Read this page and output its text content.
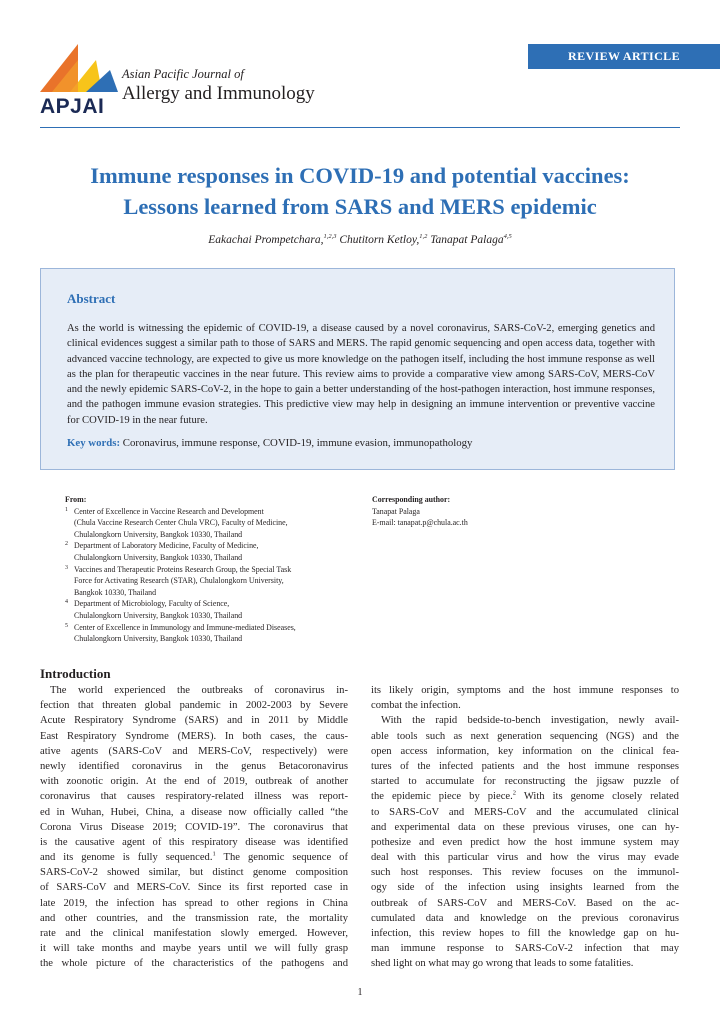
REVIEW ARTICLE
APJAI
Asian Pacific Journal of
Allergy and Immunology
Immune responses in COVID-19 and potential vaccines:
Lessons learned from SARS and MERS epidemic
Eakachai Prompetchara,$^{1,2,3}$ Chutitorn Ketloy,$^{1,2}$ Tanapat Palaga$^{4,5}$
Abstract
As the world is witnessing the epidemic of COVID-19, a disease caused by a novel coronavirus, SARS-CoV-2, emerging genetics and clinical evidences suggest a similar path to those of SARS and MERS. The rapid genomic sequencing and open access data, together with advanced vaccine technology, are expected to give us more knowledge on the pathogen itself, including the host immune response as well as the plan for therapeutic vaccines in the near future. This review aims to provide a comparative view among SARS-CoV, MERS-CoV and the newly epidemic SARS-CoV-2, in the hope to gain a better understanding of the host-pathogen interaction, host immune responses, and the pathogen immune evasion strategies. This predictive view may help in designing an immune intervention or preventive vaccine for COVID-19 in the near future.
Key words: Coronavirus, immune response, COVID-19, immune evasion, immunopathology
From:
1 Center of Excellence in Vaccine Research and Development
(Chula Vaccine Research Center Chula VRC), Faculty of Medicine,
Chulalongkorn University, Bangkok 10330, Thailand
2 Department of Laboratory Medicine, Faculty of Medicine,
Chulalongkorn University, Bangkok 10330, Thailand
3 Vaccines and Therapeutic Proteins Research Group, the Special Task
Force for Activating Research (STAR), Chulalongkorn University,
Bangkok 10330, Thailand
4 Department of Microbiology, Faculty of Science,
Chulalongkorn University, Bangkok 10330, Thailand
5 Center of Excellence in Immunology and Immune-mediated Diseases,
Chulalongkorn University, Bangkok 10330, Thailand
Corresponding author:
Tanapat Palaga
E-mail: tanapat.p@chula.ac.th
Introduction
The world experienced the outbreaks of coronavirus in-
fection that threaten global pandemic in 2002-2003 by Severe
Acute Respiratory Syndrome (SARS) and in 2011 by Middle
East Respiratory Syndrome (MERS). In both cases, the caus-
ative agents (SARS-CoV and MERS-CoV, respectively) were
newly identified coronavirus in the genus Betacoronavirus
with zoonotic origin. At the end of 2019, outbreak of another
coronavirus that causes respiratory-related illness was report-
ed in Wuhan, Hubei, China, a disease now officially called “the
Corona Virus Disease 2019; COVID-19”. The coronavirus that
is the causative agent of this respiratory disease was identified
and its genome is fully sequenced.$^1$ The genomic sequence of
SARS-CoV-2 showed similar, but distinct genome composition
of SARS-CoV and MERS-CoV. Since its first reported case in
late 2019, the infection has spread to other regions in China
and other countries, and the transmission rate, the mortality
rate and the clinical manifestation slowly emerged. However,
it will take months and maybe years until we will fully grasp
the whole picture of the characteristics of the pathogens and
its likely origin, symptoms and the host immune responses to
combat the infection.
With the rapid bedside-to-bench investigation, newly avail-
able tools such as next generation sequencing (NGS) and the
open access information, key information on the clinical fea-
tures of the infected patients and the host immune responses
started to accumulate for reconstructing the jigsaw puzzle of
the epidemic piece by piece.$^2$ With its genome closely related
to SARS-CoV and MERS-CoV and the accumulated clinical
and experimental data on these previous viruses, one can hy-
pothesize and even predict how the host immune system may
deal with this particular virus and how the virus may evade
such host responses. This review focuses on the immunol-
ogy side of the infection using insights learned from the
outbreak of SARS-CoV and MERS-CoV. Based on the ac-
cumulated data and knowledge on the previous coronavirus
infection, this review hopes to fill the knowledge gap on hu-
man immune response to SARS-CoV-2 infection that may
shed light on what may go wrong that leads to some fatalities.
1
